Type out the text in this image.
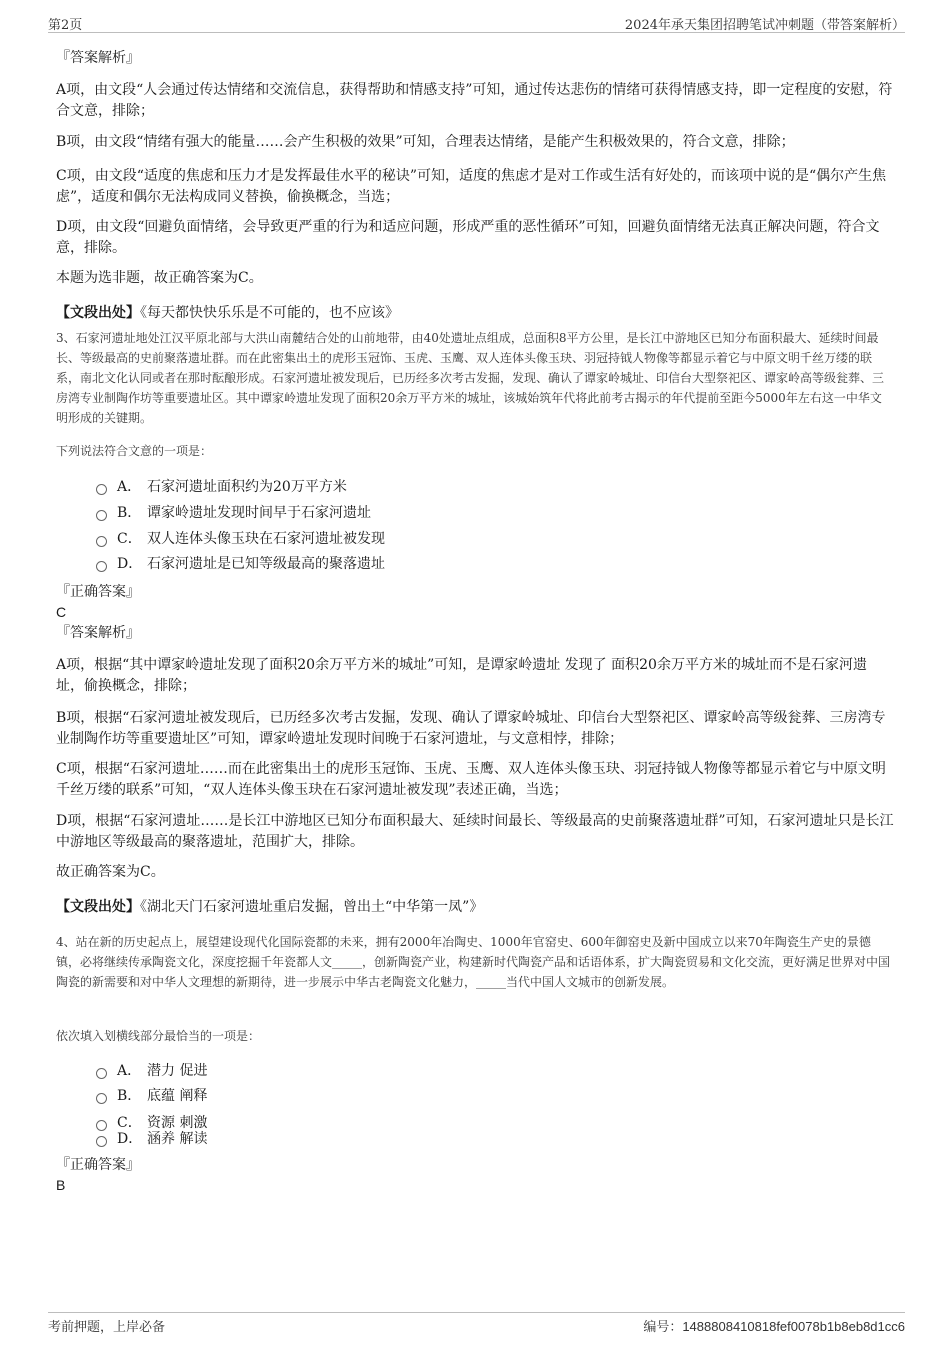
第2页	2024年承天集团招聘笔试冲刺题（带答案解析）

『答案解析』

A项，由文段“人会通过传达情绪和交流信息，获得帮助和情感支持”可知，通过传达悲伤的情绪可获得情感支持，即一定程度的安慰，符合文意，排除；

B项，由文段“情绪有强大的能量……会产生积极的效果”可知，合理表达情绪，是能产生积极效果的，符合文意，排除；

C项，由文段“适度的焦虑和压力才是发挥最佳水平的秘诀”可知，适度的焦虑才是对工作或生活有好处的，而该项中说的是“偶尔产生焦虑”，适度和偶尔无法构成同义替换，偷换概念，当选；

D项，由文段“回避负面情绪，会导致更严重的行为和适应问题，形成严重的恶性循环”可知，回避负面情绪无法真正解决问题，符合文意，排除。

本题为选非题，故正确答案为C。

【文段出处】《每天都快快乐乐是不可能的，也不应该》

3、石家河遗址地处江汉平原北部与大洪山南麓结合处的山前地带，由40处遗址点组成，总面积8平方公里，是长江中游地区已知分布面积最大、延续时间最长、等级最高的史前聚落遗址群。而在此密集出土的虎形玉冠饰、玉虎、玉鹰、双人连体头像玉玦、羽冠持钺人物像等都显示着它与中原文明千丝万缕的联系，南北文化认同或者在那时酝酿形成。石家河遗址被发现后，已历经多次考古发掘，发现、确认了谭家岭城址、印信台大型祭祀区、谭家岭高等级瓮葬、三房湾专业制陶作坊等重要遗址区。其中谭家岭遗址发现了面积20余万平方米的城址，该城始筑年代将此前考古揭示的年代提前至距今5000年左右这一中华文明形成的关键期。

下列说法符合文意的一项是：

A． 石家河遗址面积约为20万平方米
B． 谭家岭遗址发现时间早于石家河遗址
C． 双人连体头像玉玦在石家河遗址被发现
D． 石家河遗址是已知等级最高的聚落遗址

『正确答案』

C

『答案解析』

A项，根据“其中谭家岭遗址发现了面积20余万平方米的城址”可知，是谭家岭遗址 发现了 面积20余万平方米的城址而不是石家河遗址，偷换概念，排除；

B项，根据“石家河遗址被发现后，已历经多次考古发掘，发现、确认了谭家岭城址、印信台大型祭祀区、谭家岭高等级瓮葬、三房湾专业制陶作坊等重要遗址区”可知，谭家岭遗址发现时间晚于石家河遗址，与文意相悖，排除；

C项，根据“石家河遗址……而在此密集出土的虎形玉冠饰、玉虎、玉鹰、双人连体头像玉玦、羽冠持钺人物像等都显示着它与中原文明千丝万缕的联系”可知，“双人连体头像玉玦在石家河遗址被发现”表述正确，当选；

D项，根据“石家河遗址……是长江中游地区已知分布面积最大、延续时间最长、等级最高的史前聚落遗址群”可知，石家河遗址只是长江中游地区等级最高的聚落遗址，范围扩大，排除。

故正确答案为C。

【文段出处】《湖北天门石家河遗址重启发掘，曾出土“中华第一凤”》

4、站在新的历史起点上，展望建设现代化国际瓷都的未来，拥有2000年冶陶史、1000年官窑史、600年御窑史及新中国成立以来70年陶瓷生产史的景德镇，必将继续传承陶瓷文化，深度挖掘千年瓷都人文_____，创新陶瓷产业，构建新时代陶瓷产品和话语体系，扩大陶瓷贸易和文化交流，更好满足世界对中国陶瓷的新需要和对中华人文理想的新期待，进一步展示中华古老陶瓷文化魅力，_____当代中国人文城市的创新发展。

依次填入划横线部分最恰当的一项是：

A． 潜力 促进
B． 底蕴 阐释
C． 资源 刺激
D． 涵养 解读

『正确答案』

B

考前押题，上岸必备	编号：1488808410818fef0078b1b8eb8d1cc6
